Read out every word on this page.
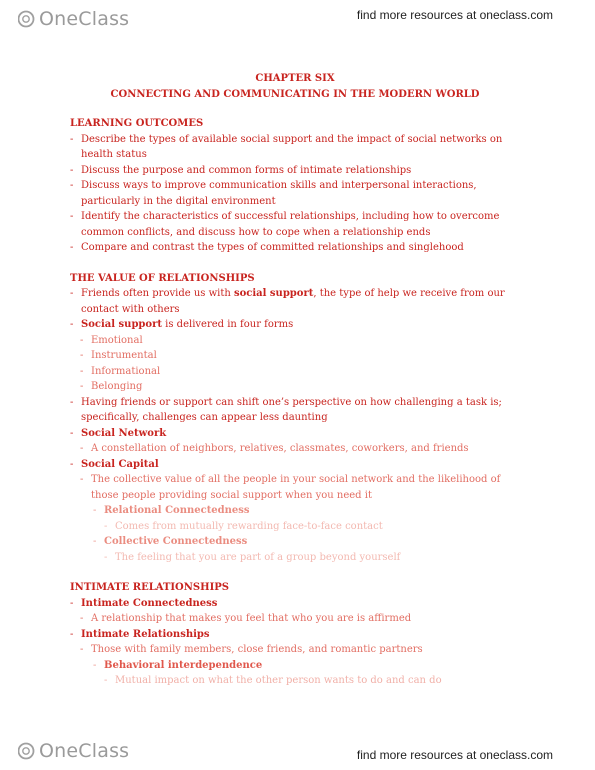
OneClass	find more resources at oneclass.com
CHAPTER SIX
CONNECTING AND COMMUNICATING IN THE MODERN WORLD
LEARNING OUTCOMES
- Describe the types of available social support and the impact of social networks on health status
- Discuss the purpose and common forms of intimate relationships
- Discuss ways to improve communication skills and interpersonal interactions, particularly in the digital environment
- Identify the characteristics of successful relationships, including how to overcome common conflicts, and discuss how to cope when a relationship ends
- Compare and contrast the types of committed relationships and singlehood
THE VALUE OF RELATIONSHIPS
- Friends often provide us with social support, the type of help we receive from our contact with others
- Social support is delivered in four forms
- Emotional
- Instrumental
- Informational
- Belonging
- Having friends or support can shift one’s perspective on how challenging a task is; specifically, challenges can appear less daunting
- Social Network
- A constellation of neighbors, relatives, classmates, coworkers, and friends
- Social Capital
- The collective value of all the people in your social network and the likelihood of those people providing social support when you need it
- Relational Connectedness
- Comes from mutually rewarding face-to-face contact
- Collective Connectedness
- The feeling that you are part of a group beyond yourself
INTIMATE RELATIONSHIPS
- Intimate Connectedness
- A relationship that makes you feel that who you are is affirmed
- Intimate Relationships
- Those with family members, close friends, and romantic partners
- Behavioral interdependence
- Mutual impact on what the other person wants to do and can do
OneClass	find more resources at oneclass.com
